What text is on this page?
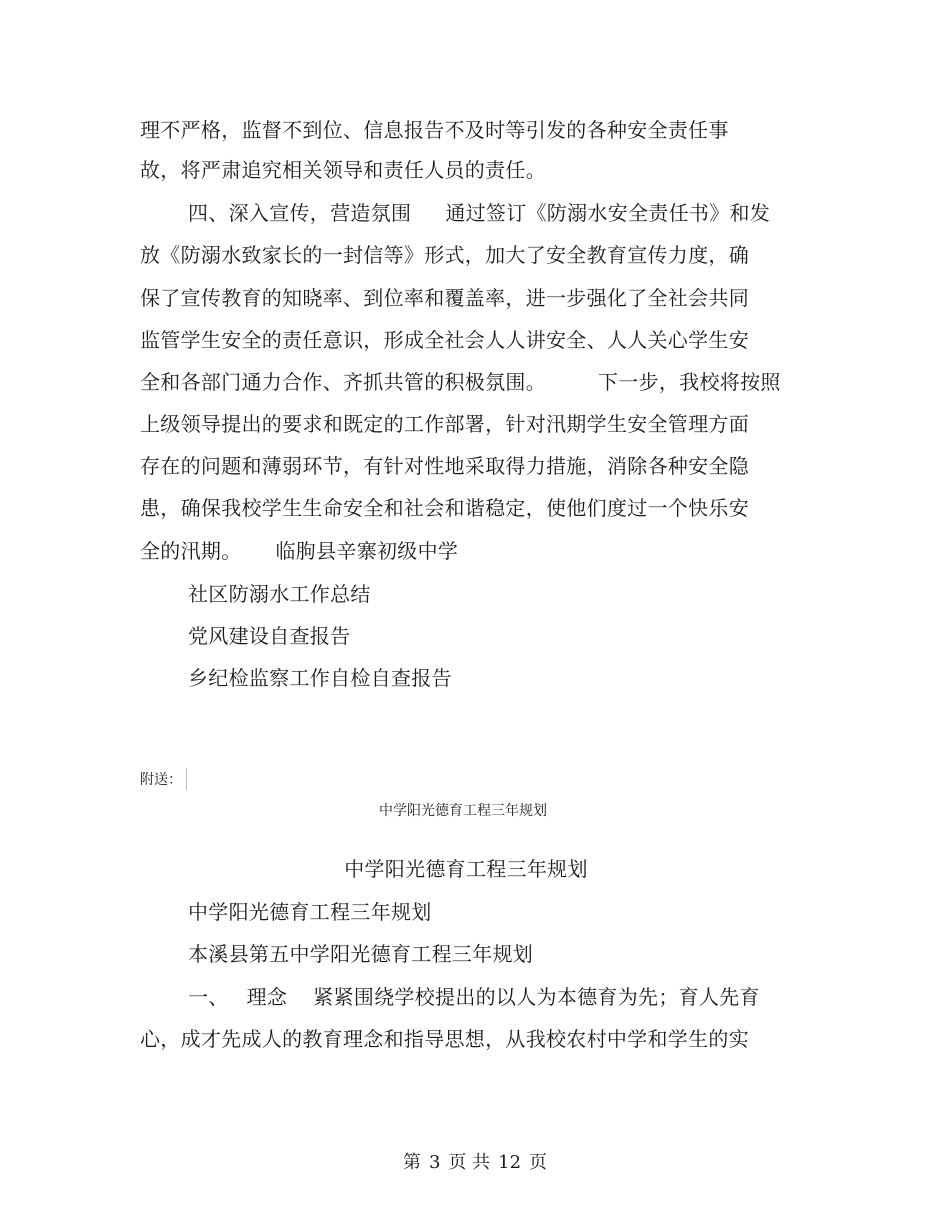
理不严格，监督不到位、信息报告不及时等引发的各种安全责任事
故，将严肃追究相关领导和责任人员的责任。
四、深入宣传，营造氛围 通过签订《防溺水安全责任书》和发
放《防溺水致家长的一封信等》形式，加大了安全教育宣传力度，确
保了宣传教育的知晓率、到位率和覆盖率，进一步强化了全社会共同
监管学生安全的责任意识，形成全社会人人讲安全、人人关心学生安
全和各部门通力合作、齐抓共管的积极氛围。	下一步，我校将按照
上级领导提出的要求和既定的工作部署，针对汛期学生安全管理方面
存在的问题和薄弱环节，有针对性地采取得力措施，消除各种安全隐
患，确保我校学生生命安全和社会和谐稳定，使他们度过一个快乐安
全的汛期。 临朐县辛寨初级中学
社区防溺水工作总结
党风建设自查报告
乡纪检监察工作自检自查报告
附送：
中学阳光德育工程三年规划
中学阳光德育工程三年规划
中学阳光德育工程三年规划
本溪县第五中学阳光德育工程三年规划
一、 理念 紧紧围绕学校提出的以人为本德育为先；育人先育
心，成才先成人的教育理念和指导思想，从我校农村中学和学生的实
第 3 页 共 12 页
